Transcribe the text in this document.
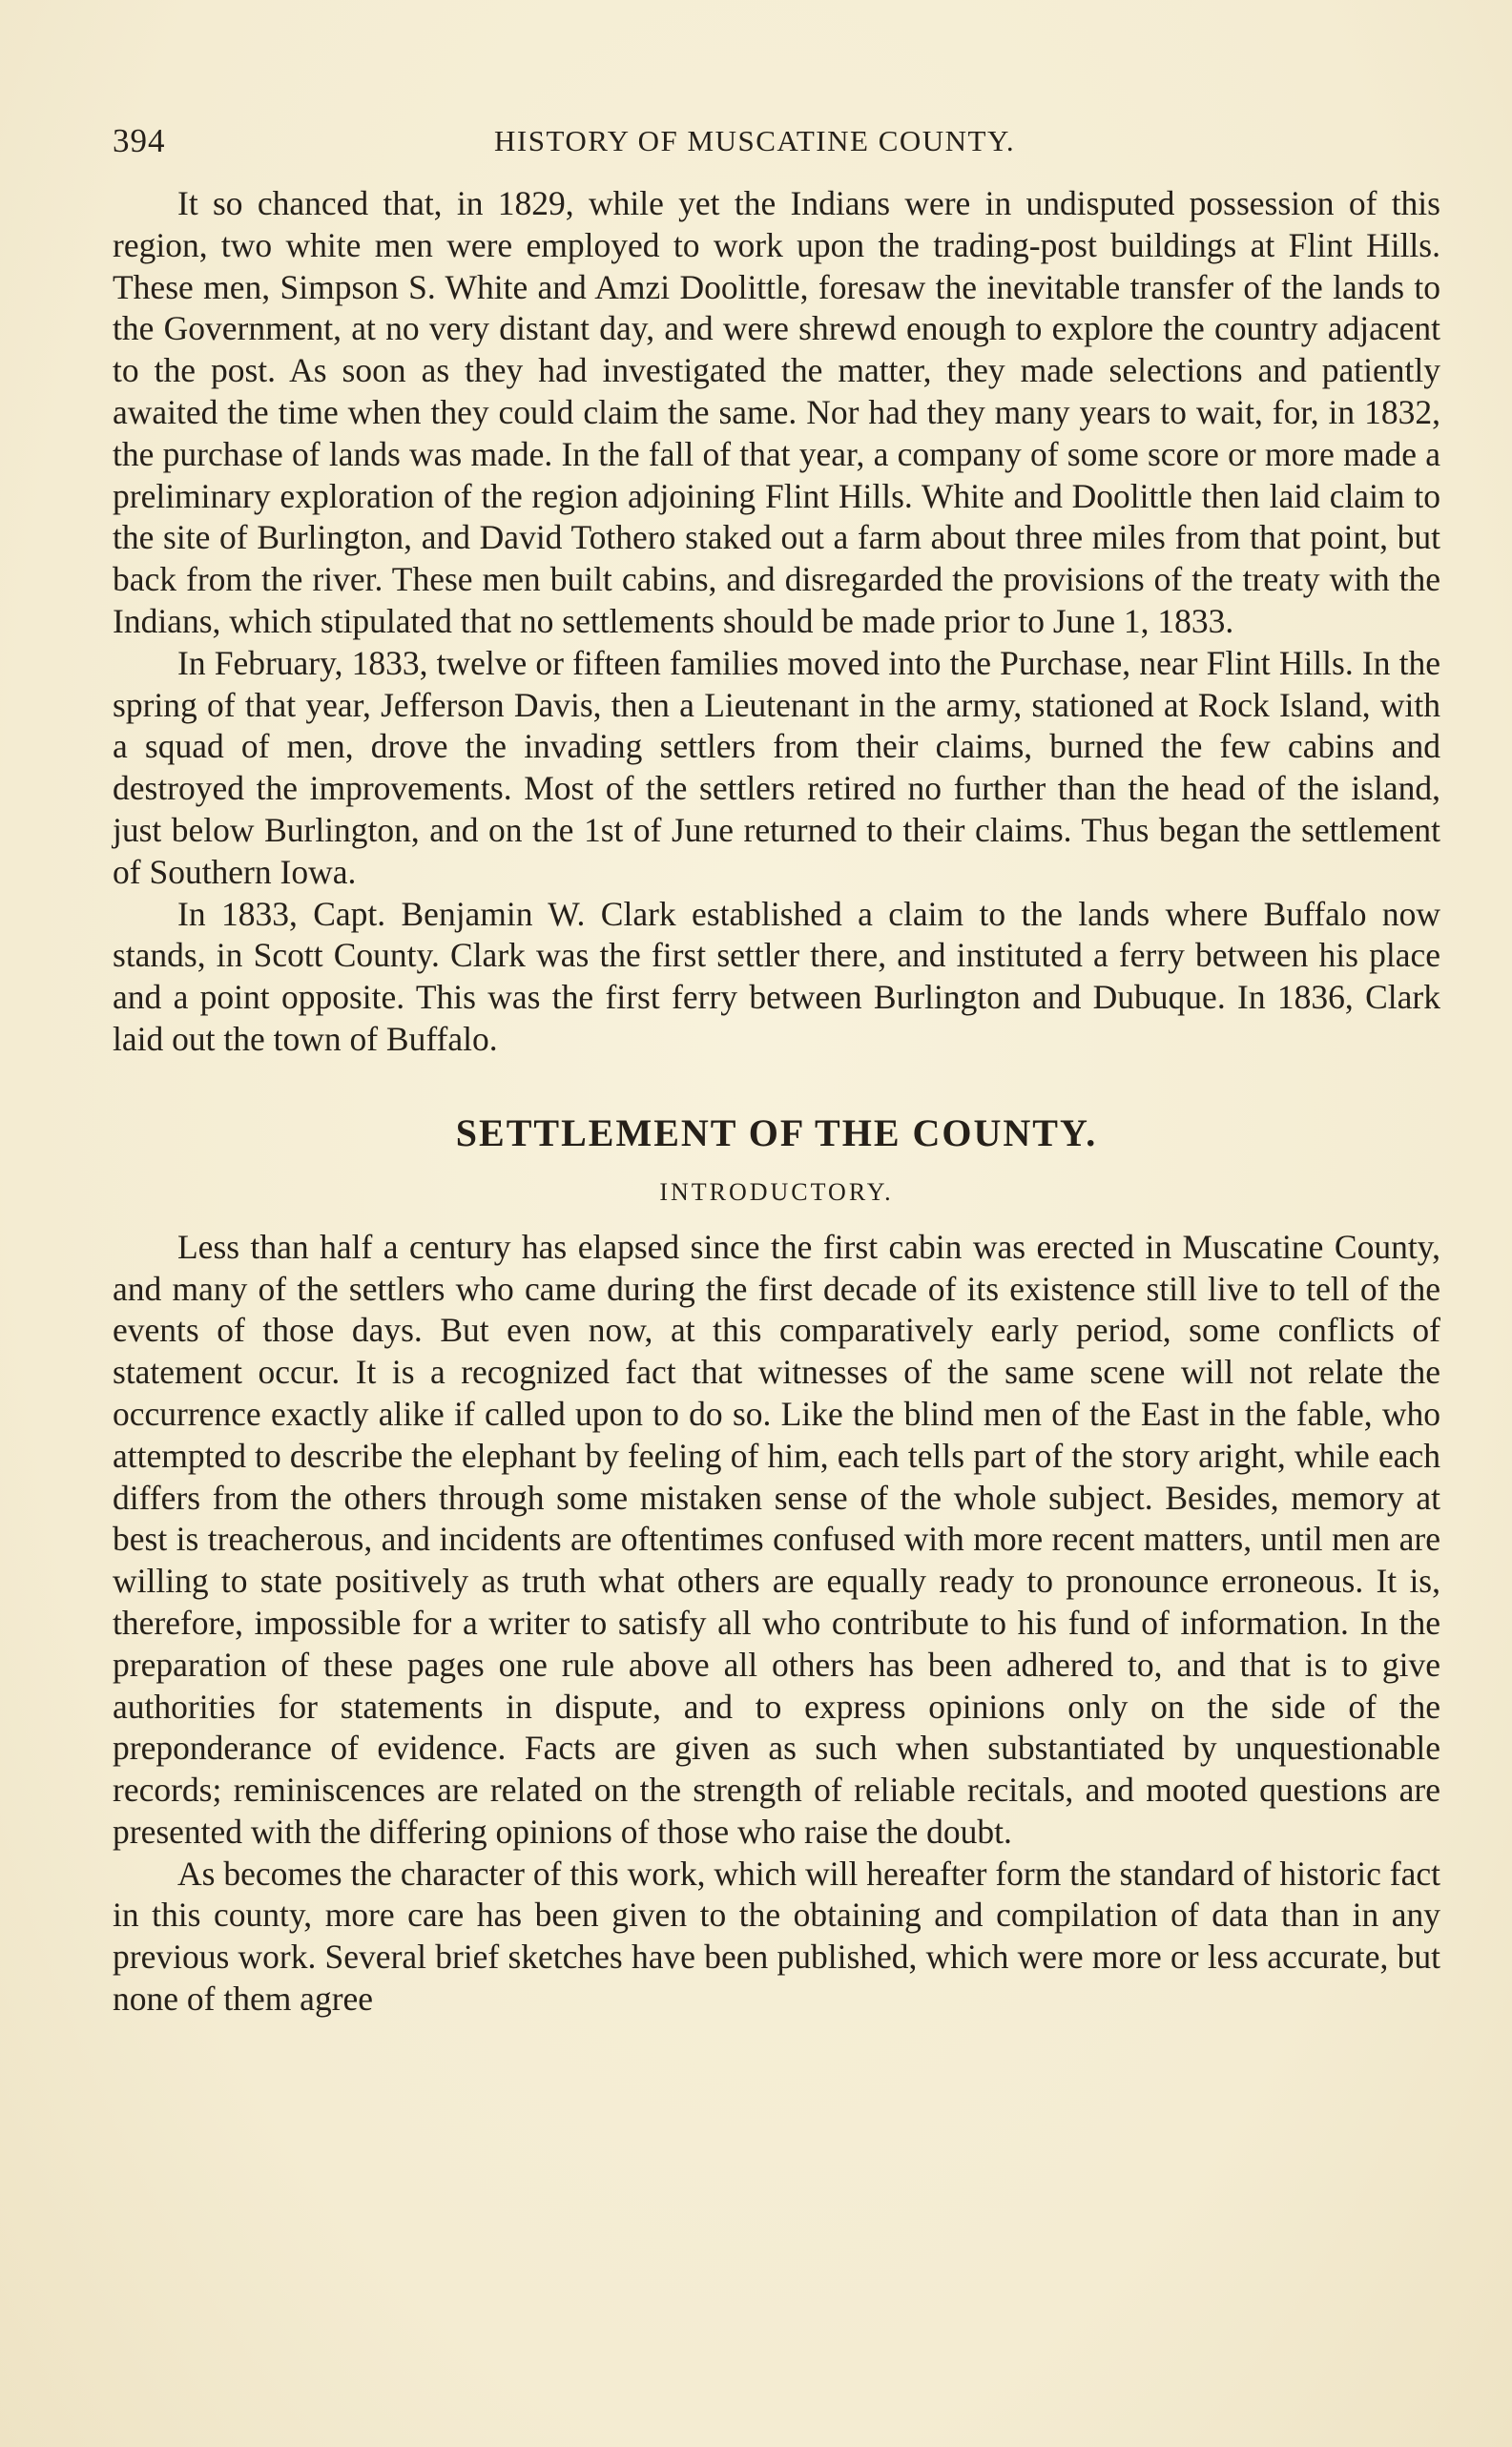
394	HISTORY OF MUSCATINE COUNTY.

It so chanced that, in 1829, while yet the Indians were in undisputed possession of this region, two white men were employed to work upon the trading-post buildings at Flint Hills. These men, Simpson S. White and Amzi Doolittle, foresaw the inevitable transfer of the lands to the Government, at no very distant day, and were shrewd enough to explore the country adjacent to the post. As soon as they had investigated the matter, they made selections and patiently awaited the time when they could claim the same. Nor had they many years to wait, for, in 1832, the purchase of lands was made. In the fall of that year, a company of some score or more made a preliminary exploration of the region adjoining Flint Hills. White and Doolittle then laid claim to the site of Burlington, and David Tothero staked out a farm about three miles from that point, but back from the river. These men built cabins, and disregarded the provisions of the treaty with the Indians, which stipulated that no settlements should be made prior to June 1, 1833.

In February, 1833, twelve or fifteen families moved into the Purchase, near Flint Hills. In the spring of that year, Jefferson Davis, then a Lieutenant in the army, stationed at Rock Island, with a squad of men, drove the invading settlers from their claims, burned the few cabins and destroyed the improvements. Most of the settlers retired no further than the head of the island, just below Burlington, and on the 1st of June returned to their claims. Thus began the settlement of Southern Iowa.

In 1833, Capt. Benjamin W. Clark established a claim to the lands where Buffalo now stands, in Scott County. Clark was the first settler there, and instituted a ferry between his place and a point opposite. This was the first ferry between Burlington and Dubuque. In 1836, Clark laid out the town of Buffalo.

SETTLEMENT OF THE COUNTY.
INTRODUCTORY.

Less than half a century has elapsed since the first cabin was erected in Muscatine County, and many of the settlers who came during the first decade of its existence still live to tell of the events of those days. But even now, at this comparatively early period, some conflicts of statement occur. It is a recognized fact that witnesses of the same scene will not relate the occurrence exactly alike if called upon to do so. Like the blind men of the East in the fable, who attempted to describe the elephant by feeling of him, each tells part of the story aright, while each differs from the others through some mistaken sense of the whole subject. Besides, memory at best is treacherous, and incidents are oftentimes confused with more recent matters, until men are willing to state positively as truth what others are equally ready to pronounce erroneous. It is, therefore, impossible for a writer to satisfy all who contribute to his fund of information. In the preparation of these pages one rule above all others has been adhered to, and that is to give authorities for statements in dispute, and to express opinions only on the side of the preponderance of evidence. Facts are given as such when substantiated by unquestionable records; reminiscences are related on the strength of reliable recitals, and mooted questions are presented with the differing opinions of those who raise the doubt.

As becomes the character of this work, which will hereafter form the standard of historic fact in this county, more care has been given to the obtaining and compilation of data than in any previous work. Several brief sketches have been published, which were more or less accurate, but none of them agree
